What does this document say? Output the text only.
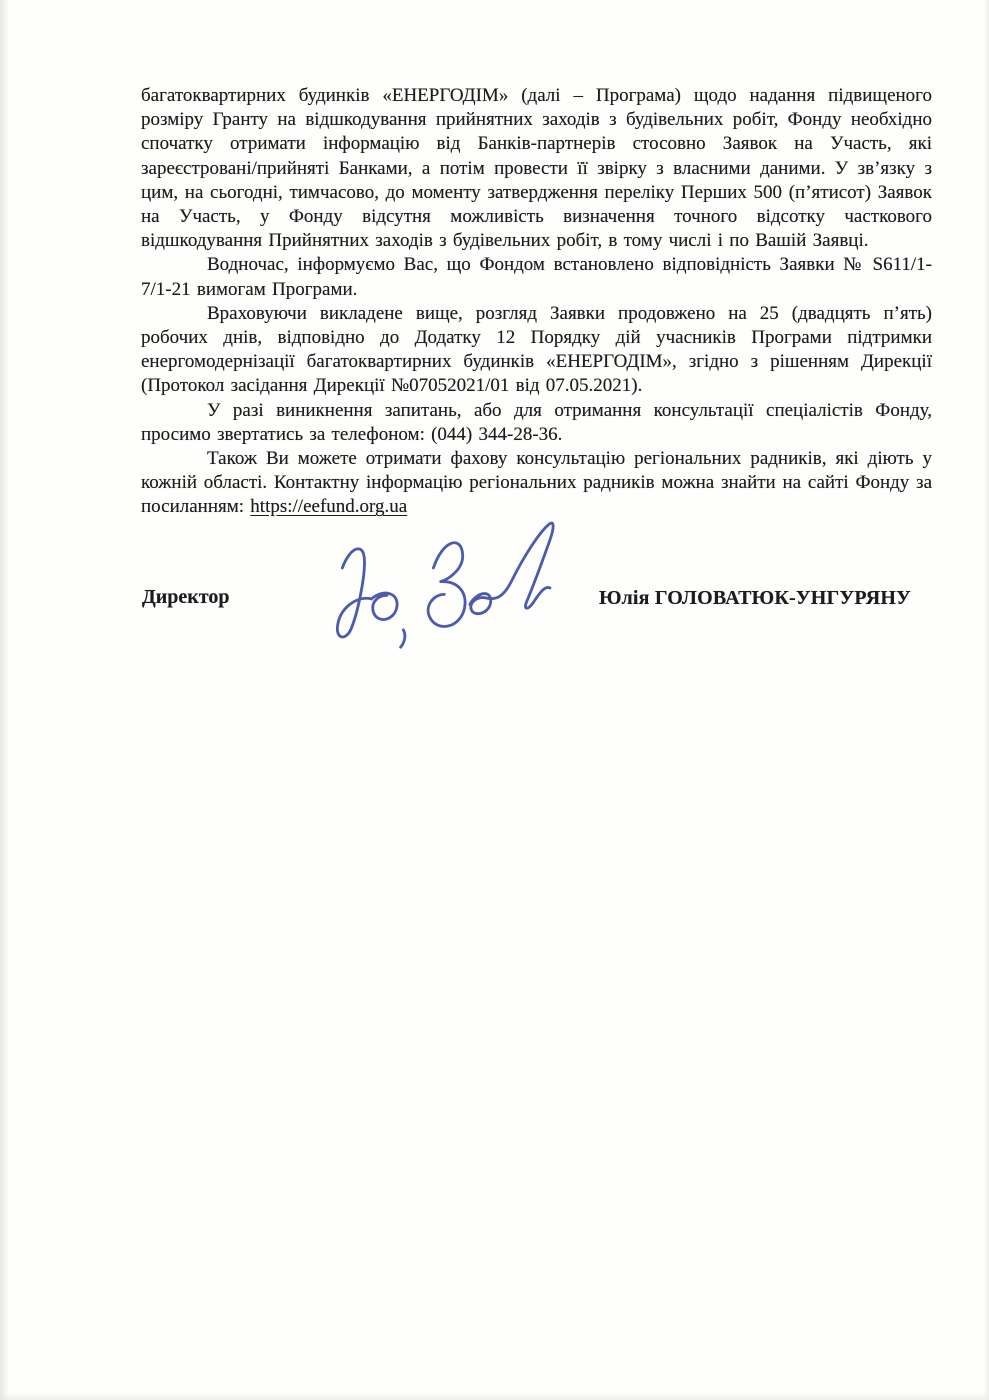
багатоквартирних будинків «ЕНЕРГОДІМ» (далі – Програма) щодо надання підвищеного розміру Гранту на відшкодування прийнятних заходів з будівельних робіт, Фонду необхідно спочатку отримати інформацію від Банків-партнерів стосовно Заявок на Участь, які зареєстровані/прийняті Банками, а потім провести її звірку з власними даними. У зв’язку з цим, на сьогодні, тимчасово, до моменту затвердження переліку Перших 500 (п’ятисот) Заявок на Участь, у Фонду відсутня можливість визначення точного відсотку часткового відшкодування Прийнятних заходів з будівельних робіт, в тому числі і по Вашій Заявці.

Водночас, інформуємо Вас, що Фондом встановлено відповідність Заявки № S611/1-7/1-21 вимогам Програми.

Враховуючи викладене вище, розгляд Заявки продовжено на 25 (двадцять п’ять) робочих днів, відповідно до Додатку 12 Порядку дій учасників Програми підтримки енергомодернізації багатоквартирних будинків «ЕНЕРГОДІМ», згідно з рішенням Дирекції (Протокол засідання Дирекції №07052021/01 від 07.05.2021).

У разі виникнення запитань, або для отримання консультації спеціалістів Фонду, просимо звертатись за телефоном: (044) 344-28-36.

Також Ви можете отримати фахову консультацію регіональних радників, які діють у кожній області. Контактну інформацію регіональних радників можна знайти на сайті Фонду за посиланням: https://eefund.org.ua

Директор	Юлія ГОЛОВАТЮК-УНГУРЯНУ
